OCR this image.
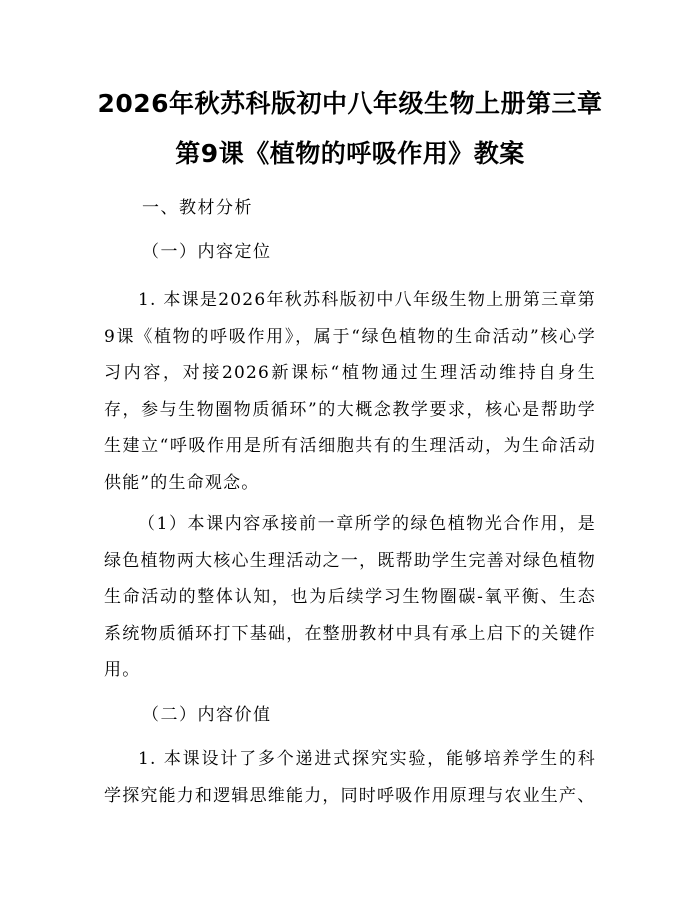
2026年秋苏科版初中八年级生物上册第三章
第9课《植物的呼吸作用》教案
一、教材分析
（一）内容定位

1. 本课是2026年秋苏科版初中八年级生物上册第三章第9课《植物的呼吸作用》，属于“绿色植物的生命活动”核心学习内容，对接2026新课标“植物通过生理活动维持自身生存，参与生物圈物质循环”的大概念教学要求，核心是帮助学生建立“呼吸作用是所有活细胞共有的生理活动，为生命活动供能”的生命观念。

（1）本课内容承接前一章所学的绿色植物光合作用，是绿色植物两大核心生理活动之一，既帮助学生完善对绿色植物生命活动的整体认知，也为后续学习生物圈碳-氧平衡、生态系统物质循环打下基础，在整册教材中具有承上启下的关键作用。

（二）内容价值

1. 本课设计了多个递进式探究实验，能够培养学生的科学探究能力和逻辑思维能力，同时呼吸作用原理与农业生产、
